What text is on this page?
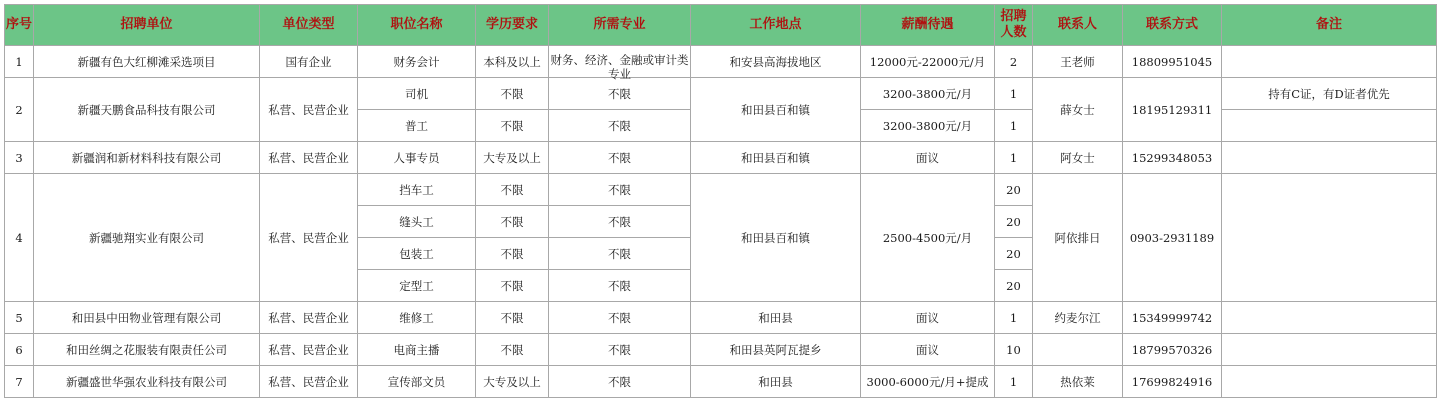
序号	招聘单位	单位类型	职位名称	学历要求	所需专业	工作地点	薪酬待遇	招聘人数	联系人	联系方式	备注
1	新疆有色大红柳滩采选项目	国有企业	财务会计	本科及以上	财务、经济、金融或审计类专业	和安县高海拔地区	12000元-22000元/月	2	王老师	18809951045	
2	新疆天鹏食品科技有限公司	私营、民营企业	司机	不限	不限	和田县百和镇	3200-3800元/月	1	薛女士	18195129311	持有C证，有D证者优先
			普工	不限	不限		3200-3800元/月	1			
3	新疆润和新材料科技有限公司	私营、民营企业	人事专员	大专及以上	不限	和田县百和镇	面议	1	阿女士	15299348053	
4	新疆驰翔实业有限公司	私营、民营企业	挡车工	不限	不限	和田县百和镇	2500-4500元/月	20	阿依排日	0903-2931189	
			缝头工	不限	不限			20			
			包装工	不限	不限			20			
			定型工	不限	不限			20			
5	和田县中田物业管理有限公司	私营、民营企业	维修工	不限	不限	和田县	面议	1	约麦尔江	15349999742	
6	和田丝绸之花服装有限责任公司	私营、民营企业	电商主播	不限	不限	和田县英阿瓦提乡	面议	10		18799570326	
7	新疆盛世华强农业科技有限公司	私营、民营企业	宣传部文员	大专及以上	不限	和田县	3000-6000元/月+提成	1	热依莱	17699824916	
